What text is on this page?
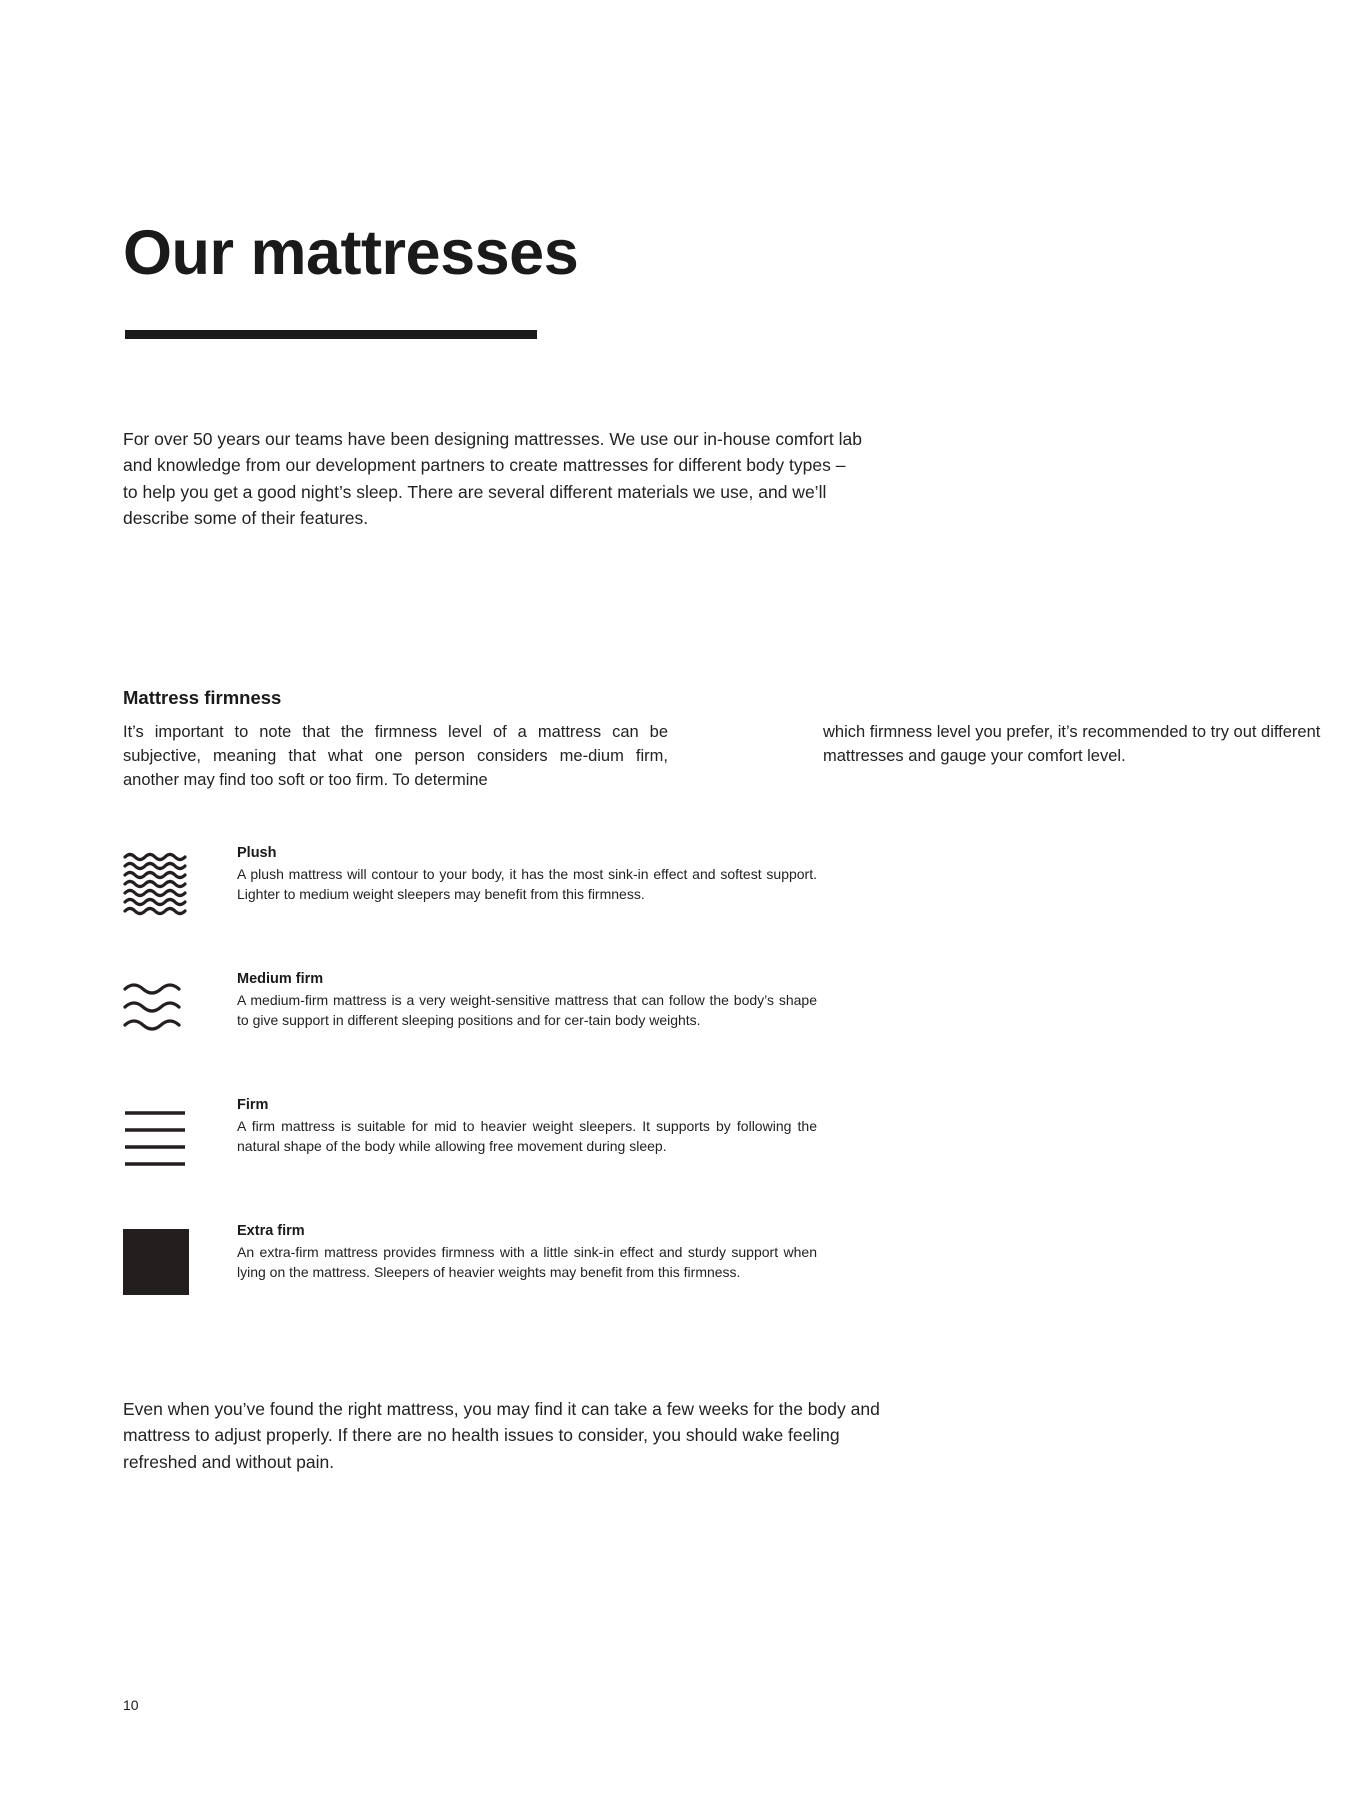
Our mattresses

For over 50 years our teams have been designing mattresses. We use our in-house comfort lab and knowledge from our development partners to create mattresses for different body types – to help you get a good night’s sleep. There are several different materials we use, and we’ll describe some of their features.

Mattress firmness

It’s important to note that the firmness level of a mattress can be subjective, meaning that what one person considers me-dium firm, another may find too soft or too firm. To determine

which firmness level you prefer, it’s recommended to try out different mattresses and gauge your comfort level.

Plush
A plush mattress will contour to your body, it has the most sink-in effect and softest support. Lighter to medium weight sleepers may benefit from this firmness.
Medium firm
A medium-firm mattress is a very weight-sensitive mattress that can follow the body’s shape to give support in different sleeping positions and for cer-tain body weights.
Firm
A firm mattress is suitable for mid to heavier weight sleepers. It supports by following the natural shape of the body while allowing free movement during sleep.
Extra firm
An extra-firm mattress provides firmness with a little sink-in effect and sturdy support when lying on the mattress. Sleepers of heavier weights may benefit from this firmness.

Even when you’ve found the right mattress, you may find it can take a few weeks for the body and mattress to adjust properly. If there are no health issues to consider, you should wake feeling refreshed and without pain.

10
